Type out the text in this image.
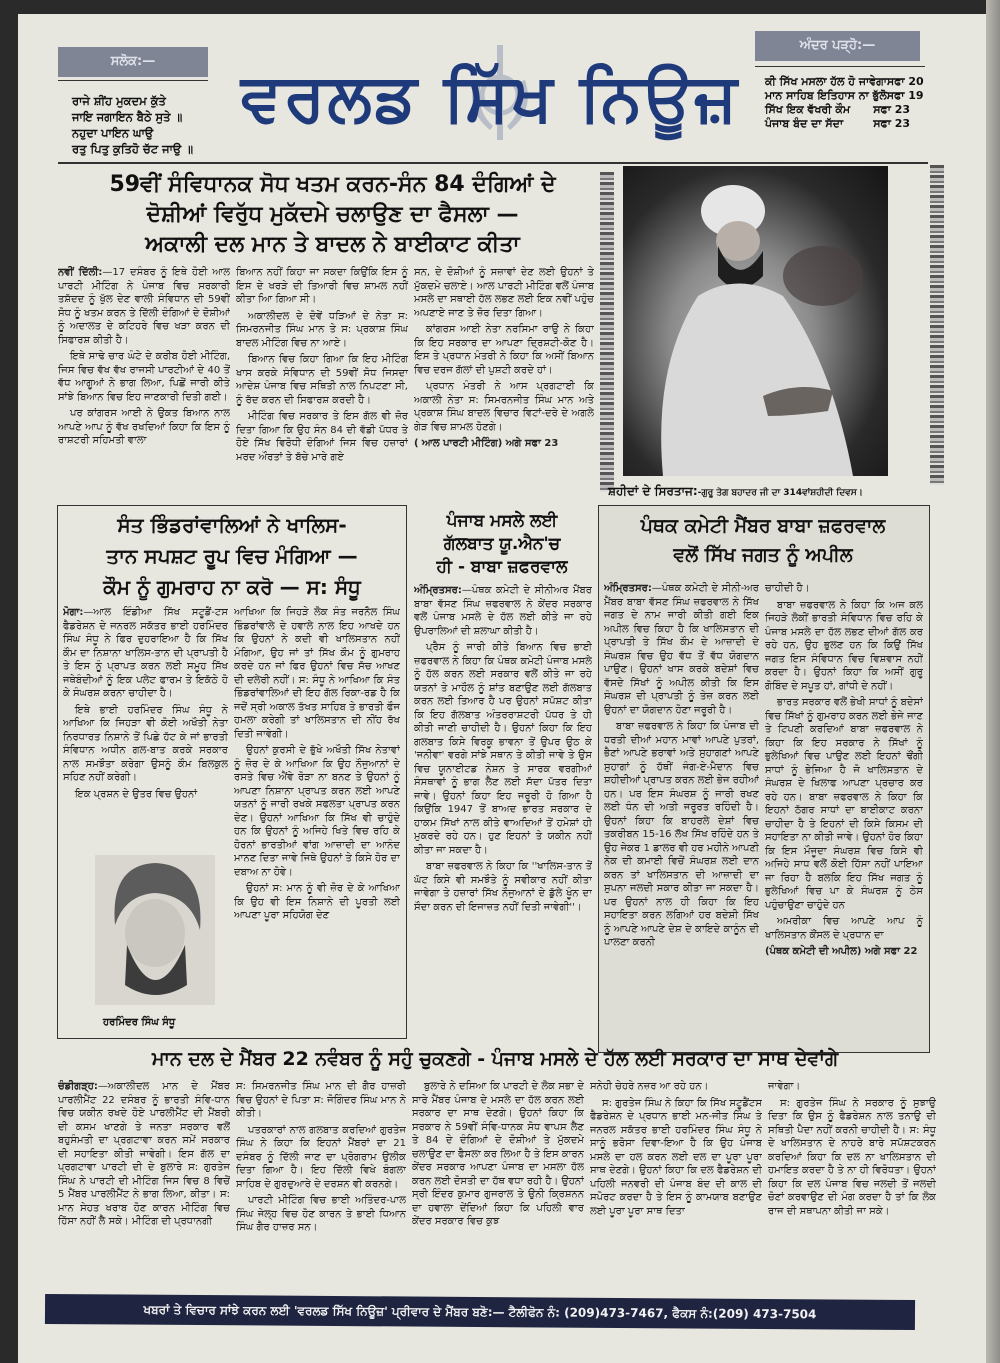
ਸਲੋਕ:—
ਰਾਜੇ ਸ਼ੀਂਹ ਮੁਕਦਮ ਕੁੱਤੇ
ਜਾਇ ਜਗਾਇਨ ਬੈਠੇ ਸੁਤੇ ॥
ਨਹੁਦਾ ਪਾਇਨ ਘਾਉ
ਰਤੁ ਪਿਤੁ ਕੁਤਿਹੋ ਚੱਟ ਜਾਉ ॥
ਵਰਲਡ ਸਿੱਖ ਨਿਊਜ਼
ਅੰਦਰ ਪੜ੍ਹੋ:—
ਕੀ ਸਿੱਖ ਮਸਲਾ ਹੱਲ ਹੋ ਜਾਵੇਗਾ ਸਫਾ 20
ਮਾਨ ਸਾਹਿਬ ਇਤਿਹਾਸ ਨਾ ਭੁੱਲੋ ਸਫਾ 19
ਸਿੱਖ ਇਕ ਵੱਖਰੀ ਕੌਮ ਸਫਾ 23
ਪੰਜਾਬ ਬੰਦ ਦਾ ਸੱਦਾ	ਸਫਾ 23
59ਵੀਂ ਸੰਵਿਧਾਨਕ ਸੋਧ ਖਤਮ ਕਰਨ-ਸੰਨ 84 ਦੰਗਿਆਂ ਦੇ
ਦੋਸ਼ੀਆਂ ਵਿਰੁੱਧ ਮੁਕੱਦਮੇ ਚਲਾਉਣ ਦਾ ਫੈਸਲਾ —
ਅਕਾਲੀ ਦਲ ਮਾਨ ਤੇ ਬਾਦਲ ਨੇ ਬਾਈਕਾਟ ਕੀਤਾ

ਨਵੀਂ ਦਿੱਲੀ:—17 ਦਸੰਬਰ ਨੂੰ ਇਥੇ ਹੋਈ ਆਲ ਪਾਰਟੀ ਮੀਟਿੰਗ ਨੇ ਪੰਜਾਬ ਵਿਚ ਸਰਕਾਰੀ ਤਸ਼ੱਦਦ ਨੂੰ ਖੁੱਲ ਦੇਣ ਵਾਲੀ ਸੰਵਿਧਾਨ ਦੀ 59ਵੀਂ ਸੋਧ ਨੂੰ ਖਤਮ ਕਰਨ ਤੇ ਦਿੱਲੀ ਦੰਗਿਆਂ ਦੇ ਦੋਸ਼ੀਆਂ ਨੂੰ ਅਦਾਲਤ ਦੇ ਕਟਿਹਰੇ ਵਿਚ ਖੜਾ ਕਰਨ ਦੀ ਸਿਫਾਰਸ਼ ਕੀਤੀ ਹੈ।

ਇਥੇ ਸਾਢੇ ਚਾਰ ਘੰਟੇ ਦੇ ਕਰੀਬ ਹੋਈ ਮੀਟਿੰਗ, ਜਿਸ ਵਿਚ ਵੱਖ ਵੱਖ ਰਾਜਸੀ ਪਾਰਟੀਆਂ ਦੇ 40 ਤੋਂ ਵੱਧ ਆਗੂਆਂ ਨੇ ਭਾਗ ਲਿਆ, ਪਿਛੋਂ ਜਾਰੀ ਕੀਤੇ ਸਾਂਝੇ ਬਿਆਨ ਵਿਚ ਇਹ ਜਾਣਕਾਰੀ ਦਿਤੀ ਗਈ।

ਪਰ ਕਾਂਗਰਸ ਆਈ ਨੇ ਉਕਤ ਬਿਆਨ ਨਾਲ ਆਪਣੇ ਆਪ ਨੂੰ ਵੱਖ ਰਖਦਿਆਂ ਕਿਹਾ ਕਿ ਇਸ ਨੂੰ ਰਾਸ਼ਟਰੀ ਸਹਿਮਤੀ ਵਾਲਾ

ਬਿਆਨ ਨਹੀਂ ਕਿਹਾ ਜਾ ਸਕਦਾ ਕਿਉਂਕਿ ਇਸ ਨੂੰ ਇਸ ਦੇ ਖਰੜੇ ਦੀ ਤਿਆਰੀ ਵਿਚ ਸ਼ਾਮਲ ਨਹੀਂ ਕੀਤਾ ਆਿ ਗਿਆ ਸੀ।

ਅਕਾਲੀਦਲ ਦੇ ਦੋਵੇਂ ਧੜਿਆਂ ਦੇ ਨੇਤਾ ਸ: ਸਿਮਰਨਜੀਤ ਸਿੰਘ ਮਾਨ ਤੇ ਸ: ਪ੍ਰਕਾਸ਼ ਸਿੰਘ ਬਾਦਲ ਮੀਟਿੰਗ ਵਿਚ ਨਾ ਆਏ।

ਬਿਆਨ ਵਿਚ ਕਿਹਾ ਗਿਆ ਕਿ ਇਹ ਮੀਟਿੰਗ ਖਾਸ ਕਰਕੇ ਸੰਵਿਧਾਨ ਦੀ 59ਵੀਂ ਸੋਧ ਜਿਸਦਾ ਆਦੇਸ਼ ਪੰਜਾਬ ਵਿਚ ਸਥਿਤੀ ਨਾਲ ਨਿਪਟਣਾ ਸੀ, ਨੂੰ ਰੱਦ ਕਰਨ ਦੀ ਸਿਫਾਰਸ਼ ਕਰਦੀ ਹੈ।

ਮੀਟਿੰਗ ਵਿਚ ਸਰਕਾਰ ਤੇ ਇਸ ਗੱਲ ਵੀ ਜ਼ੋਰ ਦਿਤਾ ਗਿਆ ਕਿ ਉਹ ਸੰਨ 84 ਦੀ ਵੱਡੀ ਪੱਧਰ ਤੇ ਹੋਏ ਸਿੱਖ ਵਿਰੋਧੀ ਦੰਗਿਆਂ ਜਿਸ ਵਿਚ ਹਜ਼ਾਰਾਂ ਮਰਦ ਔਰਤਾਂ ਤੇ ਬੱਚੇ ਮਾਰੇ ਗਏ

ਸਨ, ਦੇ ਦੋਸ਼ੀਆਂ ਨੂੰ ਸਜ਼ਾਵਾਂ ਦੇਣ ਲਈ ਉਹਨਾਂ ਤੇ ਮੁੱਕਦਮੇ ਚਲਾਏ। ਆਲ ਪਾਰਟੀ ਮੀਟਿੰਗ ਵਲੋਂ ਪੰਜਾਬ ਮਸਲੇ ਦਾ ਸਥਾਈ ਹੱਲ ਲਭਣ ਲਈ ਇਕ ਨਵੀਂ ਪਹੁੰਚ ਅਪਣਾਏ ਜਾਣ ਤੇ ਜ਼ੋਰ ਦਿਤਾ ਗਿਆ।

ਕਾਂਗਰਸ ਆਈ ਨੇਤਾ ਨਰਸਿਮਾ ਰਾਉ ਨੇ ਕਿਹਾ ਕਿ ਇਹ ਸਰਕਾਰ ਦਾ ਆਪਣਾ ਦ੍ਰਿਸ਼ਟੀ-ਕੋਣ ਹੈ। ਇਸ ਤੇ ਪ੍ਰਧਾਨ ਮੰਤਰੀ ਨੇ ਕਿਹਾ ਕਿ ਅਸੀਂ ਬਿਆਨ ਵਿਚ ਦਰਜ ਗੱਲਾਂ ਦੀ ਪੁਸ਼ਟੀ ਕਰਦੇ ਹਾਂ।

ਪ੍ਰਧਾਨ ਮੰਤਰੀ ਨੇ ਆਸ ਪ੍ਰਗਟਾਈ ਕਿ ਅਕਾਲੀ ਨੇਤਾ ਸ: ਸਿਮਰਨਜੀਤ ਸਿੰਘ ਮਾਨ ਅਤੇ ਪ੍ਰਕਾਸ਼ ਸਿੰਘ ਬਾਦਲ ਵਿਚਾਰ ਵਿਟਾਂ-ਦਰੇ ਦੇ ਅਗਲੇ ਗੇੜ ਵਿਚ ਸ਼ਾਮਲ ਹੋਣਗੇ।

( ਆਲ ਪਾਰਟੀ ਮੀਟਿੰਗ) ਅਗੇ ਸਫਾ 23

ਸ਼ਹੀਦਾਂ ਦੇ ਸਿਰਤਾਜ:-ਗੁਰੂ ਤੇਗ ਬਹਾਦਰ ਜੀ ਦਾ 314ਵਾਂਸ਼ਹੀਦੀ ਦਿਵਸ।
ਸੰਤ ਭਿੰਡਰਾਂਵਾਲਿਆਂ ਨੇ ਖਾਲਿਸ-
ਤਾਨ ਸਪਸ਼ਟ ਰੂਪ ਵਿਚ ਮੰਗਿਆ —
ਕੌਮ ਨੂੰ ਗੁਮਰਾਹ ਨਾ ਕਰੋ — ਸ: ਸੰਧੂ

ਮੋਗਾ:—ਆਲ ਇੰਡੀਆ ਸਿੱਖ ਸਟੂਡੈਂ-ਟਸ ਫੈਡਰੇਸ਼ਨ ਦੇ ਜਨਰਲ ਸਕੱਤਰ ਭਾਈ ਹਰਮਿੰਦਰ ਸਿੰਘ ਸੰਧੂ ਨੇ ਫਿਰ ਦੁਹਰਾਇਆ ਹੈ ਕਿ ਸਿੱਖ ਕੌਮ ਦਾ ਨਿਸ਼ਾਨਾ ਖਾਲਿਸ-ਤਾਨ ਦੀ ਪ੍ਰਾਪਤੀ ਹੈ ਤੇ ਇਸ ਨੂੰ ਪ੍ਰਾਪਤ ਕਰਨ ਲਈ ਸਮੂਹ ਸਿੱਖ ਜਥੇਬੰਦੀਆਂ ਨੂੰ ਇਕ ਪਲੇਟ ਫਾਰਮ ਤੇ ਇਕੱਠੇ ਹੋ ਕੇ ਸੰਘਰਸ਼ ਕਰਨਾ ਚਾਹੀਦਾ ਹੈ।

ਇਥੇ ਭਾਈ ਹਰਮਿੰਦਰ ਸਿੰਘ ਸੰਧੂ ਨੇ ਆਖਿਆ ਕਿ ਜਿਹੜਾ ਵੀ ਕੋਈ ਅਖੌਤੀ ਨੇਤਾ ਨਿਰਧਾਰਤ ਨਿਸ਼ਾਨੇ ਤੋਂ ਪਿਛੇ ਹੱਟ ਕੇ ਜਾਂ ਭਾਰਤੀ ਸੰਵਿਧਾਨ ਅਧੀਨ ਗਲ-ਬਾਤ ਕਰਕੇ ਸਰਕਾਰ ਨਾਲ ਸਮਝੌਤਾ ਕਰੇਗਾ ਉਸਨੂੰ ਕੌਮ ਬਿਲਕੁਲ ਸਹਿਣ ਨਹੀਂ ਕਰੇਗੀ।

ਇਕ ਪ੍ਰਸ਼ਨ ਦੇ ਉਤਰ ਵਿਚ ਉਹਨਾਂ

ਹਰਮਿੰਦਰ ਸਿੰਘ ਸੰਧੂ

ਆਖਿਆ ਕਿ ਜਿਹੜੇ ਲੋਕ ਸੰਤ ਜਰਨੈਲ ਸਿੰਘ ਭਿੰਡਰਾਂਵਾਲੇ ਦੇ ਹਵਾਲੇ ਨਾਲ ਇਹ ਆਖਦੇ ਹਨ ਕਿ ਉਹਨਾਂ ਨੇ ਕਦੀ ਵੀ ਖਾਲਿਸਤਾਨ ਨਹੀਂ ਮੰਗਿਆ, ਉਹ ਜਾਂ ਤਾਂ ਸਿੱਖ ਕੌਮ ਨੂੰ ਗੁਮਰਾਹ ਕਰਦੇ ਹਨ ਜਾਂ ਫਿਰ ਉਹਨਾਂ ਵਿਚ ਸੱਚ ਆਖਣ ਦੀ ਦਲੇਰੀ ਨਹੀਂ। ਸ: ਸੰਧੂ ਨੇ ਆਖਿਆ ਕਿ ਸੰਤ ਭਿੰਡਰਾਂਵਾਲਿਆਂ ਦੀ ਇਹ ਗੱਲ ਰਿਕਾ-ਰਡ ਹੈ ਕਿ ਜਦੋਂ ਸ੍ਰੀ ਅਕਾਲ ਤੱਖਤ ਸਾਹਿਬ ਤੇ ਭਾਰਤੀ ਫੌਜ ਹਮਲਾ ਕਰੇਗੀ ਤਾਂ ਖਾਲਿਸਤਾਨ ਦੀ ਨੀਂਹ ਰੱਖ ਦਿਤੀ ਜਾਵੇਗੀ।

ਉਹਨਾਂ ਕੁਰਸੀ ਦੇ ਭੁੱਖੇ ਅਖੌਤੀ ਸਿੱਖ ਨੇਤਾਵਾਂ ਨੂੰ ਜ਼ੋਰ ਦੇ ਕੇ ਆਖਿਆ ਕਿ ਉਹ ਨੌਜੁਆਨਾਂ ਦੇ ਰਸਤੇ ਵਿਚ ਐਂਵੇ ਰੋੜਾ ਨਾ ਬਨਣ ਤੇ ਉਹਨਾਂ ਨੂੰ ਆਪਣਾ ਨਿਸ਼ਾਨਾ ਪ੍ਰਾਪਤ ਕਰਨ ਲਈ ਆਪਣੇ ਯਤਨਾਂ ਨੂੰ ਜਾਰੀ ਰਖਕੇ ਸਫਲਤਾ ਪ੍ਰਾਪਤ ਕਰਨ ਦੇਣ। ਉਹਨਾਂ ਆਖਿਆ ਕਿ ਸਿੱਖ ਵੀ ਚਾਹੁੰਦੇ ਹਨ ਕਿ ਉਹਨਾਂ ਨੂੰ ਅਜਿਹੇ ਖਿਤੇ ਵਿਚ ਰਹਿ ਕੇ ਹੋਰਨਾਂ ਭਾਰਤੀਆਂ ਵਾਂਗ ਆਜ਼ਾਦੀ ਦਾ ਆਨੰਦ ਮਾਨਣ ਦਿਤਾ ਜਾਵੇ ਜਿਥੇ ਉਹਨਾਂ ਤੇ ਕਿਸੇ ਹੋਰ ਦਾ ਦਬਾਅ ਨਾ ਹੋਵੇ।

ਉਹਨਾਂ ਸ: ਮਾਨ ਨੂੰ ਵੀ ਜ਼ੋਰ ਦੇ ਕੇ ਆਖਿਆ ਕਿ ਉਹ ਵੀ ਇਸ ਨਿਸ਼ਾਨੇ ਦੀ ਪੂਰਤੀ ਲਈ ਆਪਣਾ ਪੂਰਾ ਸਹਿਯੋਗ ਦੇਣ

ਪੰਜਾਬ ਮਸਲੇ ਲਈ
ਗੱਲਬਾਤ ਯੂ.ਐਨ'ਚ
ਹੀ - ਬਾਬਾ ਜ਼ਫਰਵਾਲ

ਅੰਮ੍ਰਿਤਸਰ:—ਪੰਥਕ ਕਮੇਟੀ ਦੇ ਸੀਨੀਅਰ ਮੈਂਬਰ ਬਾਬਾ ਵੱਸਣ ਸਿੰਘ ਜ਼ਫਰਵਾਲ ਨੇ ਕੇਂਦਰ ਸਰਕਾਰ ਵਲੋਂ ਪੰਜਾਬ ਮਸਲੇ ਦੇ ਹੱਲ ਲਈ ਕੀਤੇ ਜਾ ਰਹੇ ਉਪਰਾਲਿਆਂ ਦੀ ਸ਼ਲਾਘਾ ਕੀਤੀ ਹੈ।

ਪ੍ਰੈਸ ਨੂੰ ਜਾਰੀ ਕੀਤੇ ਬਿਆਨ ਵਿਚ ਭਾਈ ਜ਼ਫਰਵਾਲ ਨੇ ਕਿਹਾ ਕਿ ਪੰਥਕ ਕਮੇਟੀ ਪੰਜਾਬ ਮਸਲੇ ਨੂੰ ਹੱਲ ਕਰਨ ਲਈ ਸਰਕਾਰ ਵਲੋਂ ਕੀਤੇ ਜਾ ਰਹੇ ਯਤਨਾਂ ਤੇ ਮਾਹੌਲ ਨੂੰ ਸ਼ਾਂਤ ਬਣਾਉਣ ਲਈ ਗੱਲਬਾਤ ਕਰਨ ਲਈ ਤਿਆਰ ਹੈ ਪਰ ਉਹਨਾਂ ਸਪੱਸ਼ਟ ਕੀਤਾ ਕਿ ਇਹ ਗੱਲਬਾਤ ਅੰਤਰਰਾਸ਼ਟਰੀ ਪੱਧਰ ਤੇ ਹੀ ਕੀਤੀ ਜਾਣੀ ਚਾਹੀਦੀ ਹੈ। ਉਹਨਾਂ ਕਿਹਾ ਕਿ ਇਹ ਗਲਬਾਤ ਕਿਸੇ ਵਿਰਕੂ ਭਾਵਨਾ ਤੋਂ ਉਪਰ ਉਠ ਕੇ 'ਜਨੀਵਾ' ਵਰਗੇ ਸਾਂਝੇ ਸਥਾਨ ਤੇ ਕੀਤੀ ਜਾਵੇ ਤੇ ਉਸ ਵਿਚ ਯੂਨਾਈਟਡ ਨੇਸ਼ਨ ਤੇ ਸਾਰਕ ਵਰਗੀਆਂ ਸੰਸਥਾਵਾਂ ਨੂੰ ਭਾਗ ਲੈਣ ਲਈ ਸੱਦਾ ਪੱਤਰ ਦਿਤਾ ਜਾਵੇ। ਉਹਨਾਂ ਕਿਹਾ ਇਹ ਜਰੂਰੀ ਹੋ ਗਿਆ ਹੈ ਕਿਉਂਕਿ 1947 ਤੋਂ ਬਾਅਦ ਭਾਰਤ ਸਰਕਾਰ ਦੇ ਹਾਕਮ ਸਿੱਖਾਂ ਨਾਲ ਕੀਤੇ ਵਾਅਦਿਆਂ ਤੋਂ ਹਮੇਸ਼ਾਂ ਹੀ ਮੁਕਰਦੇ ਰਹੇ ਹਨ। ਹੁਣ ਇਹਨਾਂ ਤੇ ਯਕੀਨ ਨਹੀਂ ਕੀਤਾ ਜਾ ਸਕਦਾ ਹੈ।

ਬਾਬਾ ਜ਼ਫਰਵਾਲ ਨੇ ਕਿਹਾ ਕਿ ''ਖਾਲਿਸ-ਤਾਨ ਤੋਂ ਘੱਟ ਕਿਸੇ ਵੀ ਸਮਝੌਤੇ ਨੂੰ ਸਵੀਕਾਰ ਨਹੀਂ ਕੀਤਾ ਜਾਵੇਗਾ ਤੇ ਹਜ਼ਾਰਾਂ ਸਿੱਖ ਨੌਜੁਆਨਾਂ ਦੇ ਡੁੱਲੇ ਖੂੰਨ ਦਾ ਸੌਦਾ ਕਰਨ ਦੀ ਇਜਾਜ਼ਤ ਨਹੀਂ ਦਿਤੀ ਜਾਵੇਗੀ''।

ਪੰਥਕ ਕਮੇਟੀ ਮੈਂਬਰ ਬਾਬਾ ਜ਼ਫਰਵਾਲ
ਵਲੋਂ ਸਿੱਖ ਜਗਤ ਨੂੰ ਅਪੀਲ

ਅੰਮ੍ਰਿਤਸਰ:—ਪੰਥਕ ਕਮੇਟੀ ਦੇ ਸੀਨੀ-ਅਰ ਮੈਂਬਰ ਬਾਬਾ ਵੱਸਣ ਸਿੰਘ ਜ਼ਫਰਵਾਲ ਨੇ ਸਿੱਖ ਜਗਤ ਦੇ ਨਾਮ ਜਾਰੀ ਕੀਤੀ ਗਈ ਇਕ ਅਪੀਲ ਵਿਚ ਕਿਹਾ ਹੈ ਕਿ ਖਾਲਿਸਤਾਨ ਦੀ ਪ੍ਰਾਪਤੀ ਤੇ ਸਿੱਖ ਕੌਮ ਦੇ ਆਜ਼ਾਦੀ ਦੇ ਸੰਘਰਸ਼ ਵਿਚ ਉਹ ਵੱਧ ਤੋਂ ਵੱਧ ਯੋਗਦਾਨ ਪਾਉਣ। ਉਹਨਾਂ ਖਾਸ ਕਰਕੇ ਬਦੇਸ਼ਾਂ ਵਿਚ ਵੱਸਦੇ ਸਿੱਖਾਂ ਨੂੰ ਅਪੀਲ ਕੀਤੀ ਕਿ ਇਸ ਸੰਘਰਸ਼ ਦੀ ਪ੍ਰਾਪਤੀ ਨੂੰ ਤੇਜ਼ ਕਰਨ ਲਈ ਉਹਨਾਂ ਦਾ ਯੋਗਦਾਨ ਹੋਣਾ ਜਰੂਰੀ ਹੈ।

ਬਾਬਾ ਜ਼ਫਰਵਾਲ ਨੇ ਕਿਹਾ ਕਿ ਪੰਜਾਬ ਦੀ ਧਰਤੀ ਦੀਆਂ ਮਹਾਨ ਮਾਵਾਂ ਆਪਣੇ ਪੁਤਰਾਂ, ਭੈਣਾਂ ਆਪਣੇ ਭਰਾਵਾਂ ਅਤੇ ਸੁਹਾਗਣਾਂ ਆਪਣੇ ਸੁਹਾਗਾਂ ਨੂੰ ਹੱਥੀਂ ਜੰਗ-ਏ-ਮੈਦਾਨ ਵਿਚ ਸ਼ਹੀਦੀਆਂ ਪ੍ਰਾਪਤ ਕਰਨ ਲਈ ਭੇਜ ਰਹੀਆਂ ਹਨ। ਪਰ ਇਸ ਸੰਘਰਸ਼ ਨੂੰ ਜਾਰੀ ਰਖਣ ਲਈ ਧੰਨ ਦੀ ਅਤੀ ਜਰੂਰਤ ਰਹਿੰਦੀ ਹੈ। ਉਹਨਾਂ ਕਿਹਾ ਕਿ ਬਾਹਰਲੇ ਦੇਸ਼ਾਂ ਵਿਚ ਤਕਰੀਬਨ 15-16 ਲੱਖ ਸਿੱਖ ਰਹਿੰਦੇ ਹਨ ਤੇ ਉਹ ਜੇਕਰ 1 ਡਾਲਰ ਵੀ ਹਰ ਮਹੀਨੇ ਆਪਣੀ ਨੇਕ ਦੀ ਕਮਾਈ ਵਿਚੋਂ ਸੰਘਰਸ਼ ਲਈ ਦਾਨ ਕਰਨ ਤਾਂ ਖਾਲਿਸਤਾਨ ਦੀ ਆਜ਼ਾਦੀ ਦਾ ਸੁਪਨਾ ਜਲਦੀ ਸਕਾਰ ਕੀਤਾ ਜਾ ਸਕਦਾ ਹੈ। ਪਰ ਉਹਨਾਂ ਨਾਲ ਹੀ ਕਿਹਾ ਕਿ ਇਹ ਸਹਾਇਤਾ ਕਰਨ ਲਗਿਆਂ ਹਰ ਬਦੇਸ਼ੀ ਸਿੱਖ ਨੂੰ ਆਪਣੇ ਆਪਣੇ ਦੇਸ਼ ਦੇ ਕਾਇਦੇ ਕਾਨੂੰਨ ਦੀ ਪਾਲਣਾ ਕਰਨੀ

ਚਾਹੀਦੀ ਹੈ।

ਬਾਬਾ ਜ਼ਫਰਵਾਲ ਨੇ ਕਿਹਾ ਕਿ ਅਜ ਕਲ ਜਿਹੜੇ ਲੋਕੀਂ ਭਾਰਤੀ ਸੰਵਿਧਾਨ ਵਿਚ ਰਹਿ ਕੇ ਪੰਜਾਬ ਮਸਲੇ ਦਾ ਹੱਲ ਲਭਣ ਦੀਆਂ ਗੱਲ ਕਰ ਰਹੇ ਹਨ, ਉਹ ਭੁਲਣ ਹਨ ਕਿ ਕਿਉਂ ਸਿੱਖ ਜਗਤ ਇਸ ਸੰਵਿਧਾਨ ਵਿਚ ਵਿਸ਼ਵਾਸ ਨਹੀਂ ਕਰਦਾ ਹੈ। ਉਹਨਾਂ ਕਿਹਾ ਕਿ ਅਸੀਂ ਗੁਰੂ ਗੋਬਿੰਦ ਦੇ ਸਪੂਤ ਹਾਂ, ਗਾਂਧੀ ਦੇ ਨਹੀਂ।

ਭਾਰਤ ਸਰਕਾਰ ਵਲੋਂ ਭੇਖੀ ਸਾਧਾਂ ਨੂੰ ਬਦੇਸਾਂ ਵਿਚ ਸਿੱਖਾਂ ਨੂੰ ਗੁਮਰਾਹ ਕਰਨ ਲਈ ਭੇਜੇ ਜਾਣ ਤੇ ਟਿਪਣੀ ਕਰਦਿਆਂ ਬਾਬਾ ਜ਼ਫਰਵਾਲ ਨੇ ਕਿਹਾ ਕਿ ਇਹ ਸਰਕਾਰ ਨੇ ਸਿੱਖਾਂ ਨੂੰ ਭੁਲੇਖਿਆਂ ਵਿਚ ਪਾਉਣ ਲਈ ਇਹਨਾਂ ਢੌਂਗੀ ਸਾਧਾਂ ਨੂੰ ਭੇਜਿਆ ਹੈ ਜੋ ਖਾਲਿਸਤਾਨ ਦੇ ਸੰਘਰਸ਼ ਦੇ ਖਿਲਾਫ ਆਪਣਾ ਪ੍ਰਚਾਰ ਕਰ ਰਹੇ ਹਨ। ਬਾਬਾ ਜ਼ਫਰਵਾਲ ਨੇ ਕਿਹਾ ਕਿ ਇਹਨਾਂ ਠੱਗਰ ਸਾਧਾਂ ਦਾ ਬਾਈਕਾਟ ਕਰਨਾ ਚਾਹੀਦਾ ਹੈ ਤੇ ਇਹਨਾਂ ਦੀ ਕਿਸੇ ਕਿਸਮ ਦੀ ਸਹਾਇਤਾ ਨਾ ਕੀਤੀ ਜਾਵੇ। ਉਹਨਾਂ ਹੋਰ ਕਿਹਾ ਕਿ ਇਸ ਮੌਜੂਦਾ ਸੰਘਰਸ਼ ਵਿਚ ਕਿਸੇ ਵੀ ਅਜਿਹੇ ਸਾਧ ਵਲੋਂ ਕੋਈ ਹਿੱਸਾ ਨਹੀਂ ਪਾਇਆ ਜਾ ਰਿਹਾ ਹੈ ਬਲਕਿ ਇਹ ਸਿੱਖ ਜਗਤ ਨੂੰ ਭੁਲੇਖਿਆਂ ਵਿਚ ਪਾ ਕੇ ਸੰਘਰਸ਼ ਨੂੰ ਠੇਸ ਪਹੁੰਚਾਉਣਾ ਚਾਹੁੰਦੇ ਹਨ

ਅਮਰੀਕਾ ਵਿਚ ਆਪਣੇ ਆਪ ਨੂੰ ਖਾਲਿਸਤਾਨ ਕੌਂਸਲ ਦੇ ਪ੍ਰਧਾਨ ਦਾ

(ਪੰਥਕ ਕਮੇਟੀ ਦੀ ਅਪੀਲ) ਅਗੇ ਸਫਾ 22

ਮਾਨ ਦਲ ਦੇ ਮੈਂਬਰ 22 ਨਵੰਬਰ ਨੂੰ ਸਹੁੰ ਚੁਕਣਗੇ - ਪੰਜਾਬ ਮਸਲੇ ਦੇ ਹੱਲ ਲਈ ਸਰਕਾਰ ਦਾ ਸਾਥ ਦੇਵਾਂਗੇ

ਚੰਡੀਗੜ੍ਹ:—ਅਕਾਲੀਦਲ ਮਾਨ ਦੇ ਮੈਂਬਰ ਪਾਰਲੀਮੈਂਟ 22 ਦਸੰਬਰ ਨੂੰ ਭਾਰਤੀ ਸੰਵਿ-ਧਾਨ ਵਿਚ ਯਕੀਨ ਰਖਦੇ ਹੋਏ ਪਾਰਲੀਮੈਂਟ ਦੀ ਮੈਂਬਰੀ ਦੀ ਕਸਮ ਖਾਣਗੇ ਤੇ ਜਨਤਾ ਸਰਕਾਰ ਵਲੋਂ ਬਹੁਸੰਮਤੀ ਦਾ ਪ੍ਰਗਟਾਵਾ ਕਰਨ ਸਮੇਂ ਸਰਕਾਰ ਦੀ ਸਹਾਇਤਾ ਕੀਤੀ ਜਾਵੇਗੀ। ਇਸ ਗੱਲ ਦਾ ਪ੍ਰਗਟਾਵਾ ਪਾਰਟੀ ਦੀ ਦੇ ਬੁਲਾਰੇ ਸ: ਗੁਰਤੇਜ ਸਿੰਘ ਨੇ ਪਾਰਟੀ ਦੀ ਮੀਟਿੰਗ ਜਿਸ ਵਿਚ 8 ਵਿਚੋਂ 5 ਮੈਂਬਰ ਪਾਰਲੀਮੈਂਟ ਨੇ ਭਾਗ ਲਿਆ, ਕੀਤਾ। ਸ: ਮਾਨ ਸੇਹਤ ਖਰਾਬ ਹੋਣ ਕਾਰਨ ਮੀਟਿੰਗ ਵਿਚ ਹਿੱਸਾ ਨਹੀਂ ਲੈ ਸਕੇ। ਮੀਟਿੰਗ ਦੀ ਪ੍ਰਧਾਨਗੀ

ਸ: ਸਿਮਰਨਜੀਤ ਸਿੰਘ ਮਾਨ ਦੀ ਗੈਰ ਹਾਜ਼ਰੀ ਵਿਚ ਉਹਨਾਂ ਦੇ ਪਿਤਾ ਸ: ਜੋਗਿੰਦਰ ਸਿੰਘ ਮਾਨ ਨੇ ਕੀਤੀ।

ਪਤਰਕਾਰਾਂ ਨਾਲ ਗਲਬਾਤ ਕਰਦਿਆਂ ਗੁਰਤੇਜ ਸਿੰਘ ਨੇ ਕਿਹਾ ਕਿ ਇਹਨਾਂ ਮੈਂਬਰਾਂ ਦਾ 21 ਦਸੰਬਰ ਨੂੰ ਦਿੱਲੀ ਜਾਣ ਦਾ ਪ੍ਰੋਗਰਾਮ ਉਲੀਕ ਦਿਤਾ ਗਿਆ ਹੈ। ਇਹ ਦਿੱਲੀ ਵਿਖੇ ਬੰਗਲਾ ਸਾਹਿਬ ਦੇ ਗੁਰਦੁਆਰੇ ਦੇ ਦਰਸ਼ਨ ਵੀ ਕਰਨਗੇ।

ਪਾਰਟੀ ਮੀਟਿੰਗ ਵਿਚ ਭਾਈ ਅਤਿੰਦਰ-ਪਾਲ ਸਿੰਘ ਜੇਲ੍ਹ ਵਿਚ ਹੋਣ ਕਾਰਨ ਤੇ ਭਾਈ ਧਿਆਨ ਸਿੰਘ ਗੈਰ ਹਾਜ਼ਰ ਸਨ।

ਬੁਲਾਰੇ ਨੇ ਦਸਿਆ ਕਿ ਪਾਰਟੀ ਦੇ ਲੋਕ ਸਭਾ ਦੇ ਸਾਰੇ ਮੈਂਬਰ ਪੰਜਾਬ ਦੇ ਮਸਲੇ ਦਾ ਹੱਲ ਕਰਨ ਲਈ ਸਰਕਾਰ ਦਾ ਸਾਥ ਦੇਣਗੇ। ਉਹਨਾਂ ਕਿਹਾ ਕਿ ਸਰਕਾਰ ਨੇ 59ਵੀਂ ਸੰਵਿ-ਧਾਨਕ ਸੋਧ ਵਾਪਸ ਲੈਣ ਤੇ 84 ਦੇ ਦੰਗਿਆਂ ਦੇ ਦੋਸ਼ੀਆਂ ਤੇ ਮੁੱਕਦਮੇ ਚਲਾਉਣ ਦਾ ਫੈਸਲਾ ਕਰ ਲਿਆ ਹੈ ਤੇ ਇਸ ਕਾਰਨ ਕੇਂਦਰ ਸਰਕਾਰ ਆਪਣਾ ਪੰਜਾਬ ਦਾ ਮਸਲਾ ਹੱਲ ਕਰਨ ਲਈ ਦੋਸਤੀ ਦਾ ਹੱਥ ਵਧਾ ਰਹੀ ਹੈ। ਉਹਨਾਂ ਸ੍ਰੀ ਇੰਦਰ ਕੁਮਾਰ ਗੁਜਰਾਲ ਤੇ ਉਨੀ ਕ੍ਰਿਸ਼ਨਨ ਦਾ ਹਵਾਲਾ ਦੇਂਦਿਆਂ ਕਿਹਾ ਕਿ ਪਹਿਲੀ ਵਾਰ ਕੇਂਦਰ ਸਰਕਾਰ ਵਿਚ ਕੁਝ

ਸਨੇਹੀ ਚੇਹਰੇ ਨਜ਼ਰ ਆ ਰਹੇ ਹਨ।

ਸ: ਗੁਰਤੇਜ ਸਿੰਘ ਨੇ ਕਿਹਾ ਕਿ ਸਿੱਖ ਸਟੂਡੈਂਟਸ ਫੈਡਰੇਸ਼ਨ ਦੇ ਪ੍ਰਧਾਨ ਭਾਈ ਮਨ-ਜੀਤ ਸਿੰਘ ਤੇ ਜਨਰਲ ਸਕੱਤਰ ਭਾਈ ਹਰਮਿੰਦਰ ਸਿੰਘ ਸੰਧੂ ਨੇ ਸਾਨੂੰ ਭਰੋਸਾ ਦਿਵਾ-ਇਆ ਹੈ ਕਿ ਉਹ ਪੰਜਾਬ ਮਸਲੇ ਦਾ ਹਲ ਕਰਨ ਲਈ ਦਲ ਦਾ ਪੂਰਾ ਪੂਰਾ ਸਾਥ ਦੇਣਗੇ। ਉਹਨਾਂ ਕਿਹਾ ਕਿ ਦਲ ਫੈਡਰੇਸ਼ਨ ਦੀ ਪਹਿਲੀ ਜਨਵਰੀ ਦੀ ਪੰਜਾਬ ਬੰਦ ਦੀ ਕਾਲ ਦੀ ਸਪੋਰਟ ਕਰਦਾ ਹੈ ਤੇ ਇਸ ਨੂੰ ਕਾਮਯਾਬ ਬਣਾਉਣ ਲਈ ਪੂਰਾ ਪੂਰਾ ਸਾਥ ਦਿਤਾ

ਜਾਵੇਗਾ।

ਸ: ਗੁਰਤੇਜ ਸਿੰਘ ਨੇ ਸਰਕਾਰ ਨੂੰ ਸੁਝਾਉ ਦਿਤਾ ਕਿ ਉਸ ਨੂੰ ਫੈਡਰੇਸ਼ਨ ਨਾਲ ਤਨਾਉ ਦੀ ਸਥਿਤੀ ਪੈਦਾ ਨਹੀਂ ਕਰਨੀ ਚਾਹੀਦੀ ਹੈ। ਸ: ਸੰਧੂ ਦੇ ਖਾਲਿਸਤਾਨ ਦੇ ਨਾਹਰੇ ਬਾਰੇ ਸਪੱਸ਼ਟਕਰਨ ਕਰਦਿਆਂ ਕਿਹਾ ਕਿ ਦਲ ਨਾ ਖਾਲਿਸਤਾਨ ਦੀ ਹਮਾਇਤ ਕਰਦਾ ਹੈ ਤੇ ਨਾ ਹੀ ਵਿਰੋਧਤਾ। ਉਹਨਾਂ ਕਿਹਾ ਕਿ ਦਲ ਪੰਜਾਬ ਵਿਚ ਜਲਦੀ ਤੋਂ ਜਲਦੀ ਚੋਣਾਂ ਕਰਵਾਉਣ ਦੀ ਮੰਗ ਕਰਦਾ ਹੈ ਤਾਂ ਕਿ ਲੋਕ ਰਾਜ ਦੀ ਸਥਾਪਨਾ ਕੀਤੀ ਜਾ ਸਕੇ।

ਖਬਰਾਂ ਤੇ ਵਿਚਾਰ ਸਾਂਝੇ ਕਰਨ ਲਈ 'ਵਰਲਡ ਸਿੱਖ ਨਿਊਜ਼' ਪ੍ਰੀਵਾਰ ਦੇ ਮੈਂਬਰ ਬਣੋ:— ਟੈਲੀਫੋਨ ਨੰ: (209)473-7467, ਫੈਕਸ ਨੰ:(209) 473-7504
